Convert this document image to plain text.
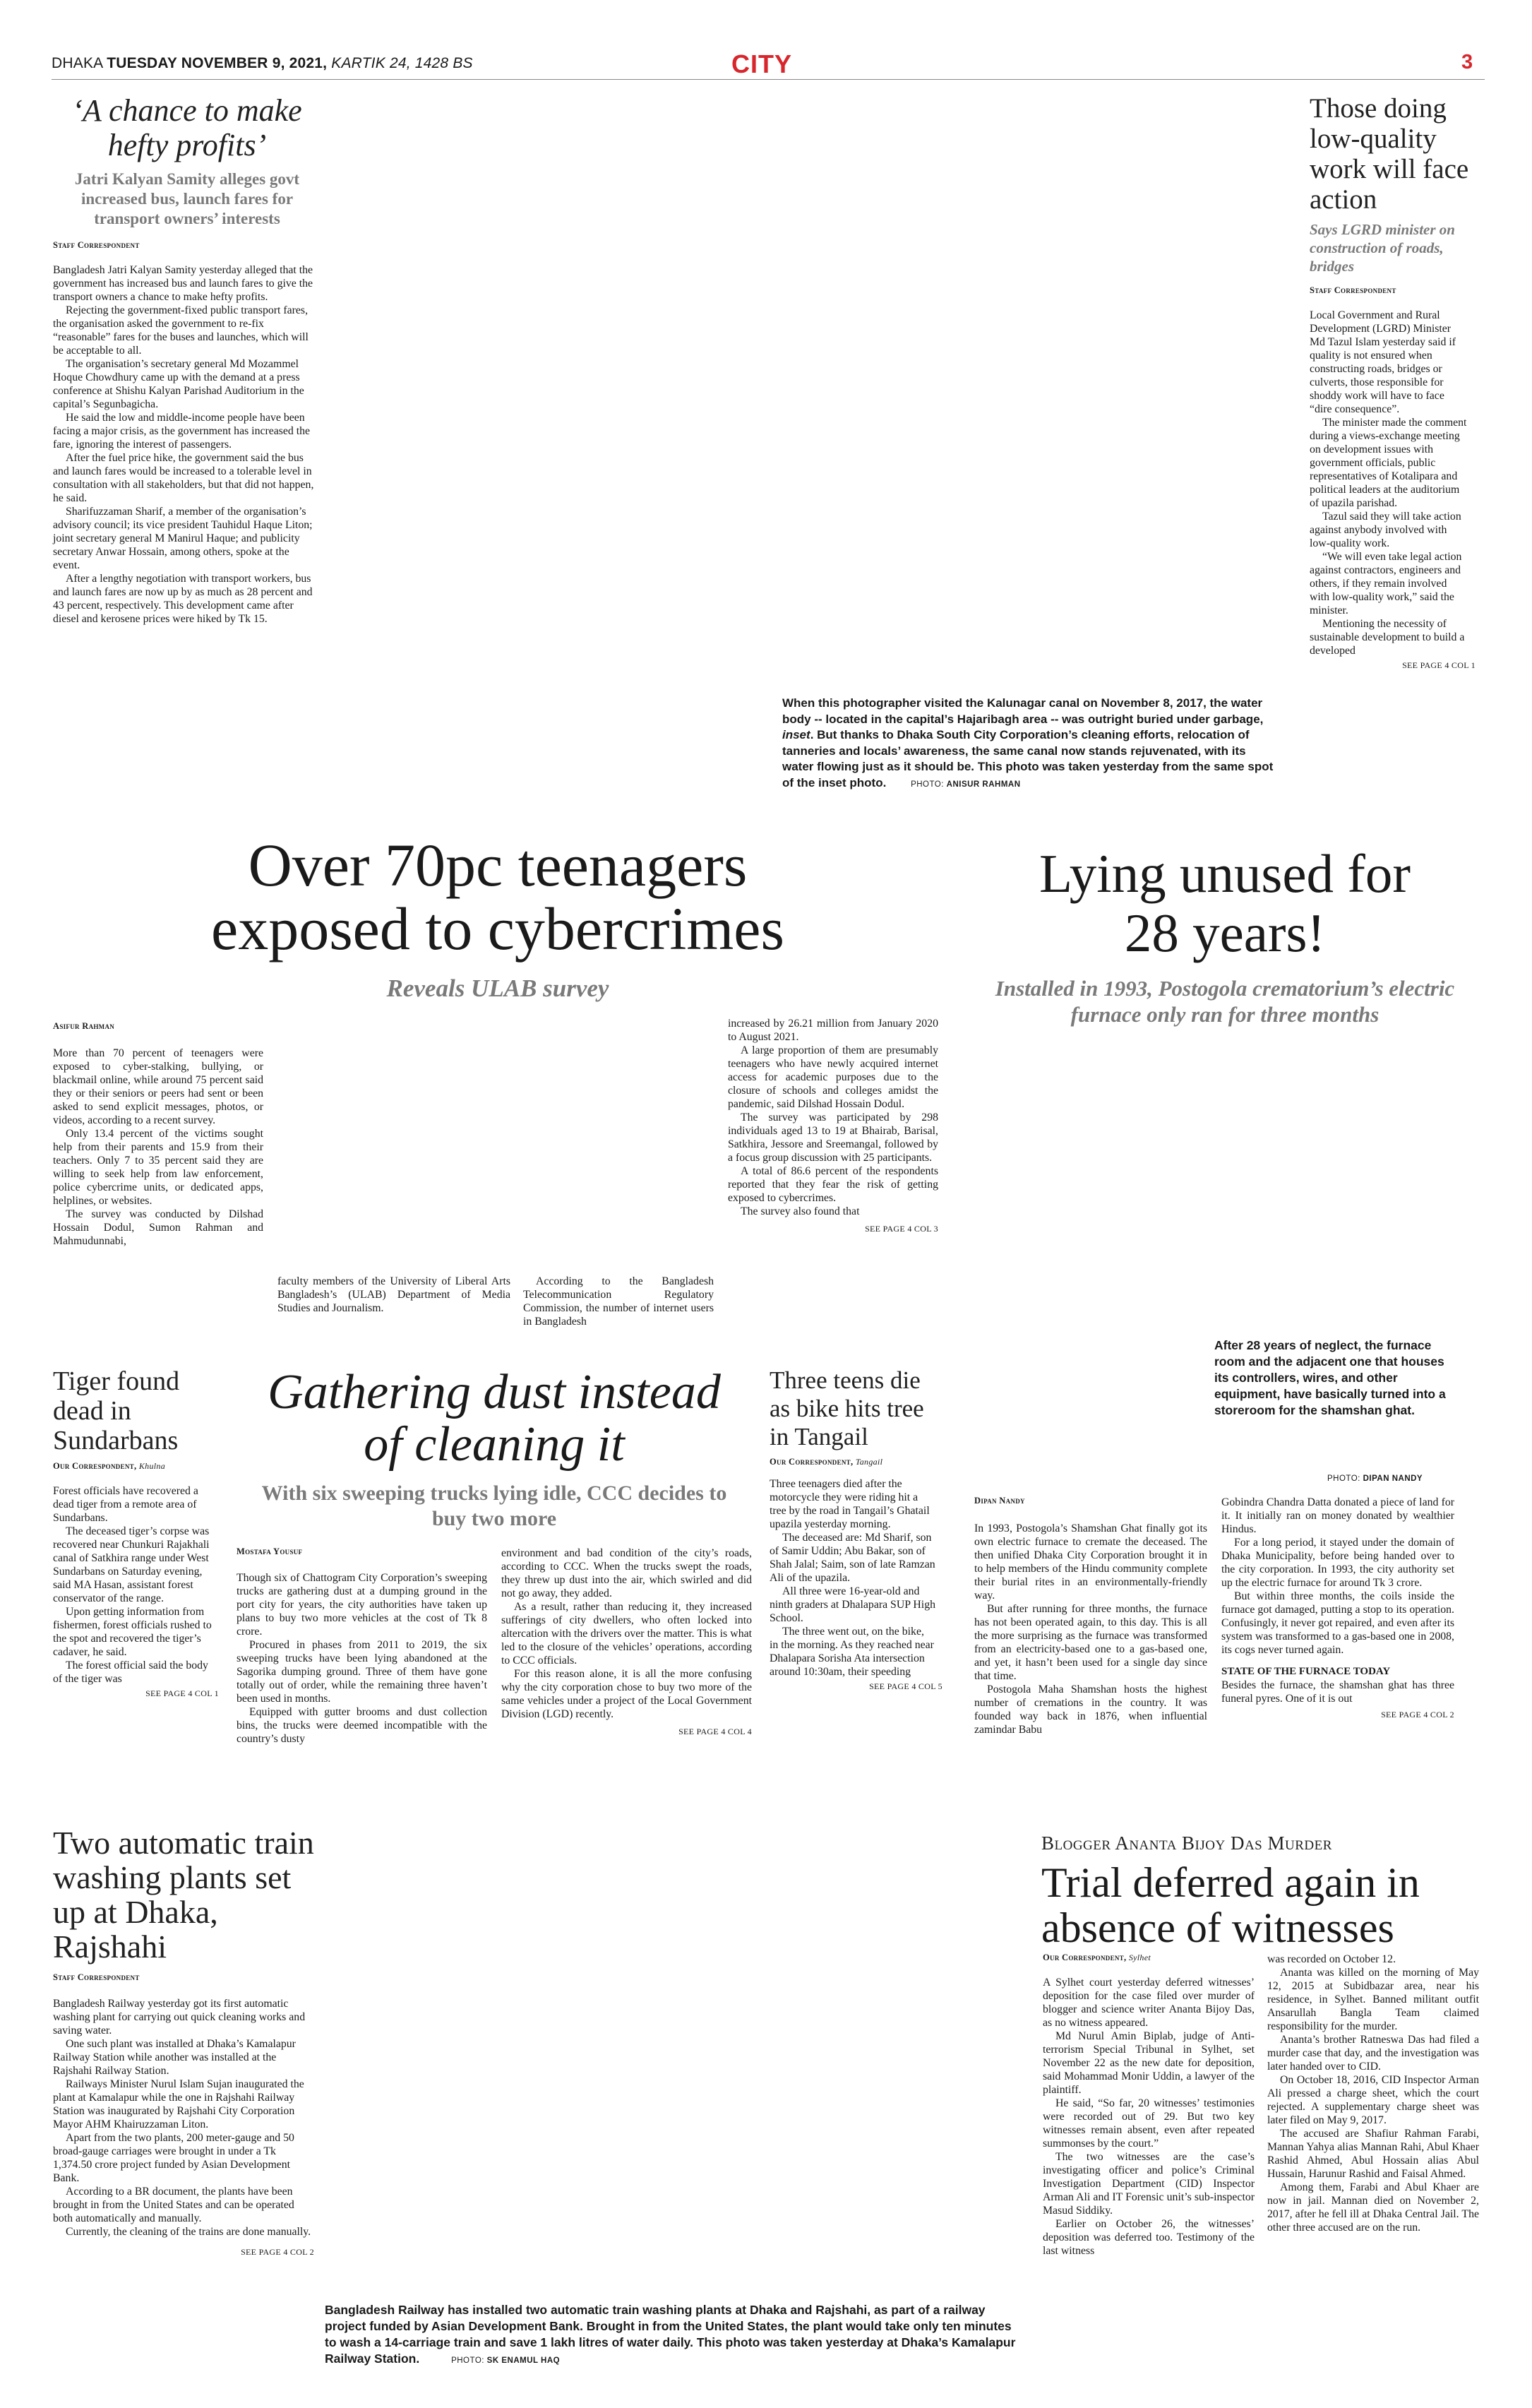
DHAKA TUESDAY NOVEMBER 9, 2021, KARTIK 24, 1428 BS	CITY	3
‘A chance to make hefty profits’
Jatri Kalyan Samity alleges govt increased bus, launch fares for transport owners’ interests
Staff Correspondent

Bangladesh Jatri Kalyan Samity yesterday alleged that the government has increased bus and launch fares to give the transport owners a chance to make hefty profits.

Rejecting the government-fixed public transport fares, the organisation asked the government to re-fix “reasonable” fares for the buses and launches, which will be acceptable to all.

The organisation’s secretary general Md Mozammel Hoque Chowdhury came up with the demand at a press conference at Shishu Kalyan Parishad Auditorium in the capital’s Segunbagicha.

He said the low and middle-income people have been facing a major crisis, as the government has increased the fare, ignoring the interest of passengers.

After the fuel price hike, the government said the bus and launch fares would be increased to a tolerable level in consultation with all stakeholders, but that did not happen, he said.

Sharifuzzaman Sharif, a member of the organisation’s advisory council; its vice president Tauhidul Haque Liton; joint secretary general M Manirul Haque; and publicity secretary Anwar Hossain, among others, spoke at the event.

After a lengthy negotiation with transport workers, bus and launch fares are now up by as much as 28 percent and 43 percent, respectively. This development came after diesel and kerosene prices were hiked by Tk 15.

When this photographer visited the Kalunagar canal on November 8, 2017, the water body -- located in the capital’s Hajaribagh area -- was outright buried under garbage, inset. But thanks to Dhaka South City Corporation’s cleaning efforts, relocation of tanneries and locals’ awareness, the same canal now stands rejuvenated, with its water flowing just as it should be. This photo was taken yesterday from the same spot of the inset photo.	PHOTO: ANISUR RAHMAN
Those doing low-quality work will face action
Says LGRD minister on construction of roads, bridges
Staff Correspondent

Local Government and Rural Development (LGRD) Minister Md Tazul Islam yesterday said if quality is not ensured when constructing roads, bridges or culverts, those responsible for shoddy work will have to face “dire consequence”.

The minister made the comment during a views-exchange meeting on development issues with government officials, public representatives of Kotalipara and political leaders at the auditorium of upazila parishad.

Tazul said they will take action against anybody involved with low-quality work.

“We will even take legal action against contractors, engineers and others, if they remain involved with low-quality work,” said the minister.

Mentioning the necessity of sustainable development to build a developed

SEE PAGE 4 COL 1
Over 70pc teenagers
exposed to cybercrimes
Reveals ULAB survey
Asifur Rahman

More than 70 percent of teenagers were exposed to cyber-stalking, bullying, or blackmail online, while around 75 percent said they or their seniors or peers had sent or been asked to send explicit messages, photos, or videos, according to a recent survey.

Only 13.4 percent of the victims sought help from their parents and 15.9 from their teachers. Only 7 to 35 percent said they are willing to seek help from law enforcement, police cybercrime units, or dedicated apps, helplines, or websites.

The survey was conducted by Dilshad Hossain Dodul, Sumon Rahman and Mahmudunnabi,

faculty members of the University of Liberal Arts Bangladesh’s (ULAB) Department of Media Studies and Journalism.

According to the Bangladesh Telecommunication Regulatory Commission, the number of internet users in Bangladesh

increased by 26.21 million from January 2020 to August 2021.

A large proportion of them are presumably teenagers who have newly acquired internet access for academic purposes due to the closure of schools and colleges amidst the pandemic, said Dilshad Hossain Dodul.

The survey was participated by 298 individuals aged 13 to 19 at Bhairab, Barisal, Satkhira, Jessore and Sreemangal, followed by a focus group discussion with 25 participants.

A total of 86.6 percent of the respondents reported that they fear the risk of getting exposed to cybercrimes.

The survey also found that

SEE PAGE 4 COL 3
Lying unused for
28 years!
Installed in 1993, Postogola crematorium’s electric furnace only ran for three months
After 28 years of neglect, the furnace room and the adjacent one that houses its controllers, wires, and other equipment, have basically turned into a storeroom for the shamshan ghat.
PHOTO: DIPAN NANDY
Dipan Nandy

In 1993, Postogola’s Shamshan Ghat finally got its own electric furnace to cremate the deceased. The then unified Dhaka City Corporation brought it in to help members of the Hindu community complete their burial rites in an environmentally-friendly way.

But after running for three months, the furnace has not been operated again, to this day. This is all the more surprising as the furnace was transformed from an electricity-based one to a gas-based one, and yet, it hasn’t been used for a single day since that time.

Postogola Maha Shamshan hosts the highest number of cremations in the country. It was founded way back in 1876, when influential zamindar Babu

Gobindra Chandra Datta donated a piece of land for it. It initially ran on money donated by wealthier Hindus.

For a long period, it stayed under the domain of Dhaka Municipality, before being handed over to the city corporation. In 1993, the city authority set up the electric furnace for around Tk 3 crore.

But within three months, the coils inside the furnace got damaged, putting a stop to its operation. Confusingly, it never got repaired, and even after its system was transformed to a gas-based one in 2008, its cogs never turned again.

STATE OF THE FURNACE TODAY

Besides the furnace, the shamshan ghat has three funeral pyres. One of it is out

SEE PAGE 4 COL 2
Tiger found dead in Sundarbans
Our Correspondent, Khulna

Forest officials have recovered a dead tiger from a remote area of Sundarbans.

The deceased tiger’s corpse was recovered near Chunkuri Rajakhali canal of Satkhira range under West Sundarbans on Saturday evening, said MA Hasan, assistant forest conservator of the range.

Upon getting information from fishermen, forest officials rushed to the spot and recovered the tiger’s cadaver, he said.

The forest official said the body of the tiger was

SEE PAGE 4 COL 1
Gathering dust instead
of cleaning it
With six sweeping trucks lying idle, CCC decides to buy two more
Mostafa Yousuf

Though six of Chattogram City Corporation’s sweeping trucks are gathering dust at a dumping ground in the port city for years, the city authorities have taken up plans to buy two more vehicles at the cost of Tk 8 crore.

Procured in phases from 2011 to 2019, the six sweeping trucks have been lying abandoned at the Sagorika dumping ground. Three of them have gone totally out of order, while the remaining three haven’t been used in months.

Equipped with gutter brooms and dust collection bins, the trucks were deemed incompatible with the country’s dusty

environment and bad condition of the city’s roads, according to CCC. When the trucks swept the roads, they threw up dust into the air, which swirled and did not go away, they added.

As a result, rather than reducing it, they increased sufferings of city dwellers, who often locked into altercation with the drivers over the matter. This is what led to the closure of the vehicles’ operations, according to CCC officials.

For this reason alone, it is all the more confusing why the city corporation chose to buy two more of the same vehicles under a project of the Local Government Division (LGD) recently.

SEE PAGE 4 COL 4
Three teens die as bike hits tree in Tangail
Our Correspondent, Tangail

Three teenagers died after the motorcycle they were riding hit a tree by the road in Tangail’s Ghatail upazila yesterday morning.

The deceased are: Md Sharif, son of Samir Uddin; Abu Bakar, son of Shah Jalal; Saim, son of late Ramzan Ali of the upazila.

All three were 16-year-old and ninth graders at Dhalapara SUP High School.

The three went out, on the bike, in the morning. As they reached near Dhalapara Sorisha Ata intersection around 10:30am, their speeding

SEE PAGE 4 COL 5
Two automatic train washing plants set up at Dhaka, Rajshahi
Staff Correspondent

Bangladesh Railway yesterday got its first automatic washing plant for carrying out quick cleaning works and saving water.

One such plant was installed at Dhaka’s Kamalapur Railway Station while another was installed at the Rajshahi Railway Station.

Railways Minister Nurul Islam Sujan inaugurated the plant at Kamalapur while the one in Rajshahi Railway Station was inaugurated by Rajshahi City Corporation Mayor AHM Khairuzzaman Liton.

Apart from the two plants, 200 meter-gauge and 50 broad-gauge carriages were brought in under a Tk 1,374.50 crore project funded by Asian Development Bank.

According to a BR document, the plants have been brought in from the United States and can be operated both automatically and manually.

Currently, the cleaning of the trains are done manually.

SEE PAGE 4 COL 2
Bangladesh Railway has installed two automatic train washing plants at Dhaka and Rajshahi, as part of a railway project funded by Asian Development Bank. Brought in from the United States, the plant would take only ten minutes to wash a 14-carriage train and save 1 lakh litres of water daily. This photo was taken yesterday at Dhaka’s Kamalapur Railway Station.	PHOTO: SK ENAMUL HAQ
Blogger Ananta Bijoy Das Murder
Trial deferred again in absence of witnesses
Our Correspondent, Sylhet

A Sylhet court yesterday deferred witnesses’ deposition for the case filed over murder of blogger and science writer Ananta Bijoy Das, as no witness appeared.

Md Nurul Amin Biplab, judge of Anti-terrorism Special Tribunal in Sylhet, set November 22 as the new date for deposition, said Mohammad Monir Uddin, a lawyer of the plaintiff.

He said, “So far, 20 witnesses’ testimonies were recorded out of 29. But two key witnesses remain absent, even after repeated summonses by the court.”

The two witnesses are the case’s investigating officer and police’s Criminal Investigation Department (CID) Inspector Arman Ali and IT Forensic unit’s sub-inspector Masud Siddiky.

Earlier on October 26, the witnesses’ deposition was deferred too. Testimony of the last witness

was recorded on October 12.

Ananta was killed on the morning of May 12, 2015 at Subidbazar area, near his residence, in Sylhet. Banned militant outfit Ansarullah Bangla Team claimed responsibility for the murder.

Ananta’s brother Ratneswa Das had filed a murder case that day, and the investigation was later handed over to CID.

On October 18, 2016, CID Inspector Arman Ali pressed a charge sheet, which the court rejected. A supplementary charge sheet was later filed on May 9, 2017.

The accused are Shafiur Rahman Farabi, Mannan Yahya alias Mannan Rahi, Abul Khaer Rashid Ahmed, Abul Hossain alias Abul Hussain, Harunur Rashid and Faisal Ahmed.

Among them, Farabi and Abul Khaer are now in jail. Mannan died on November 2, 2017, after he fell ill at Dhaka Central Jail. The other three accused are on the run.
